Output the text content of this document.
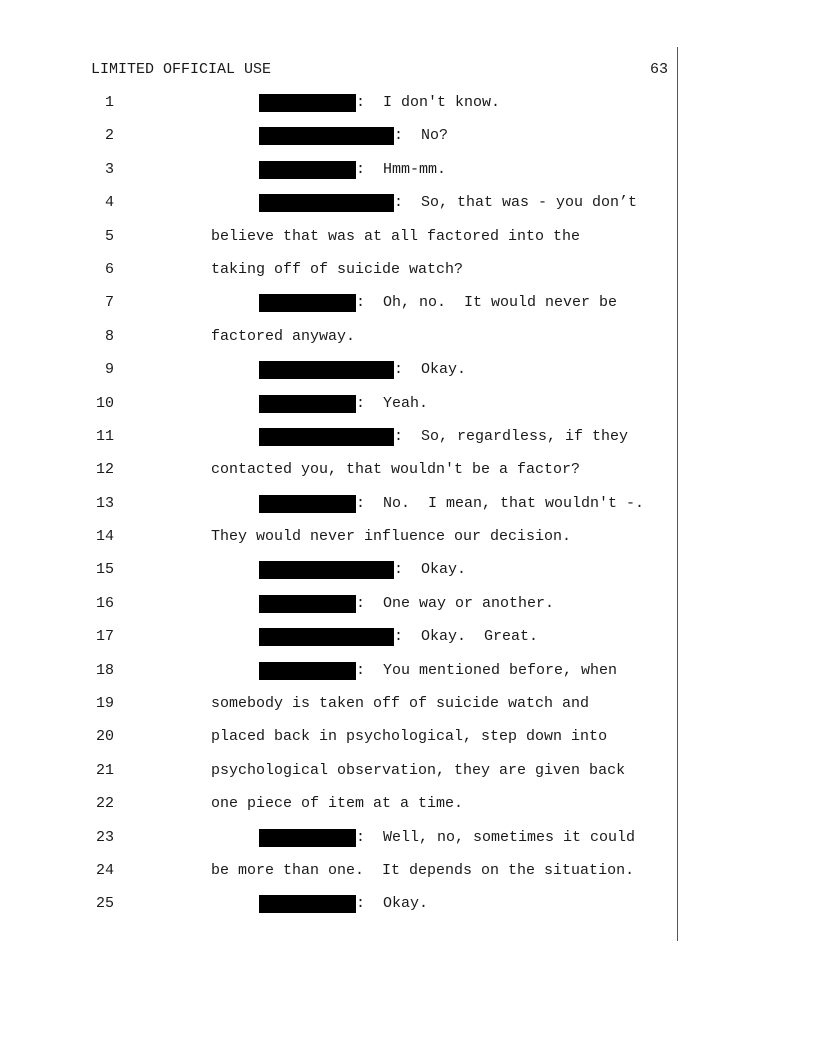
LIMITED OFFICIAL USE	63
1	:  I don't know.
2	:  No?
3	:  Hmm-mm.
4	:  So, that was - you don’t
5	believe that was at all factored into the
6	taking off of suicide watch?
7	:  Oh, no.  It would never be
8	factored anyway.
9	:  Okay.
10	:  Yeah.
11	:  So, regardless, if they
12	contacted you, that wouldn't be a factor?
13	:  No.  I mean, that wouldn't -.
14	They would never influence our decision.
15	:  Okay.
16	:  One way or another.
17	:  Okay.  Great.
18	:  You mentioned before, when
19	somebody is taken off of suicide watch and
20	placed back in psychological, step down into
21	psychological observation, they are given back
22	one piece of item at a time.
23	:  Well, no, sometimes it could
24	be more than one.  It depends on the situation.
25	:  Okay.
